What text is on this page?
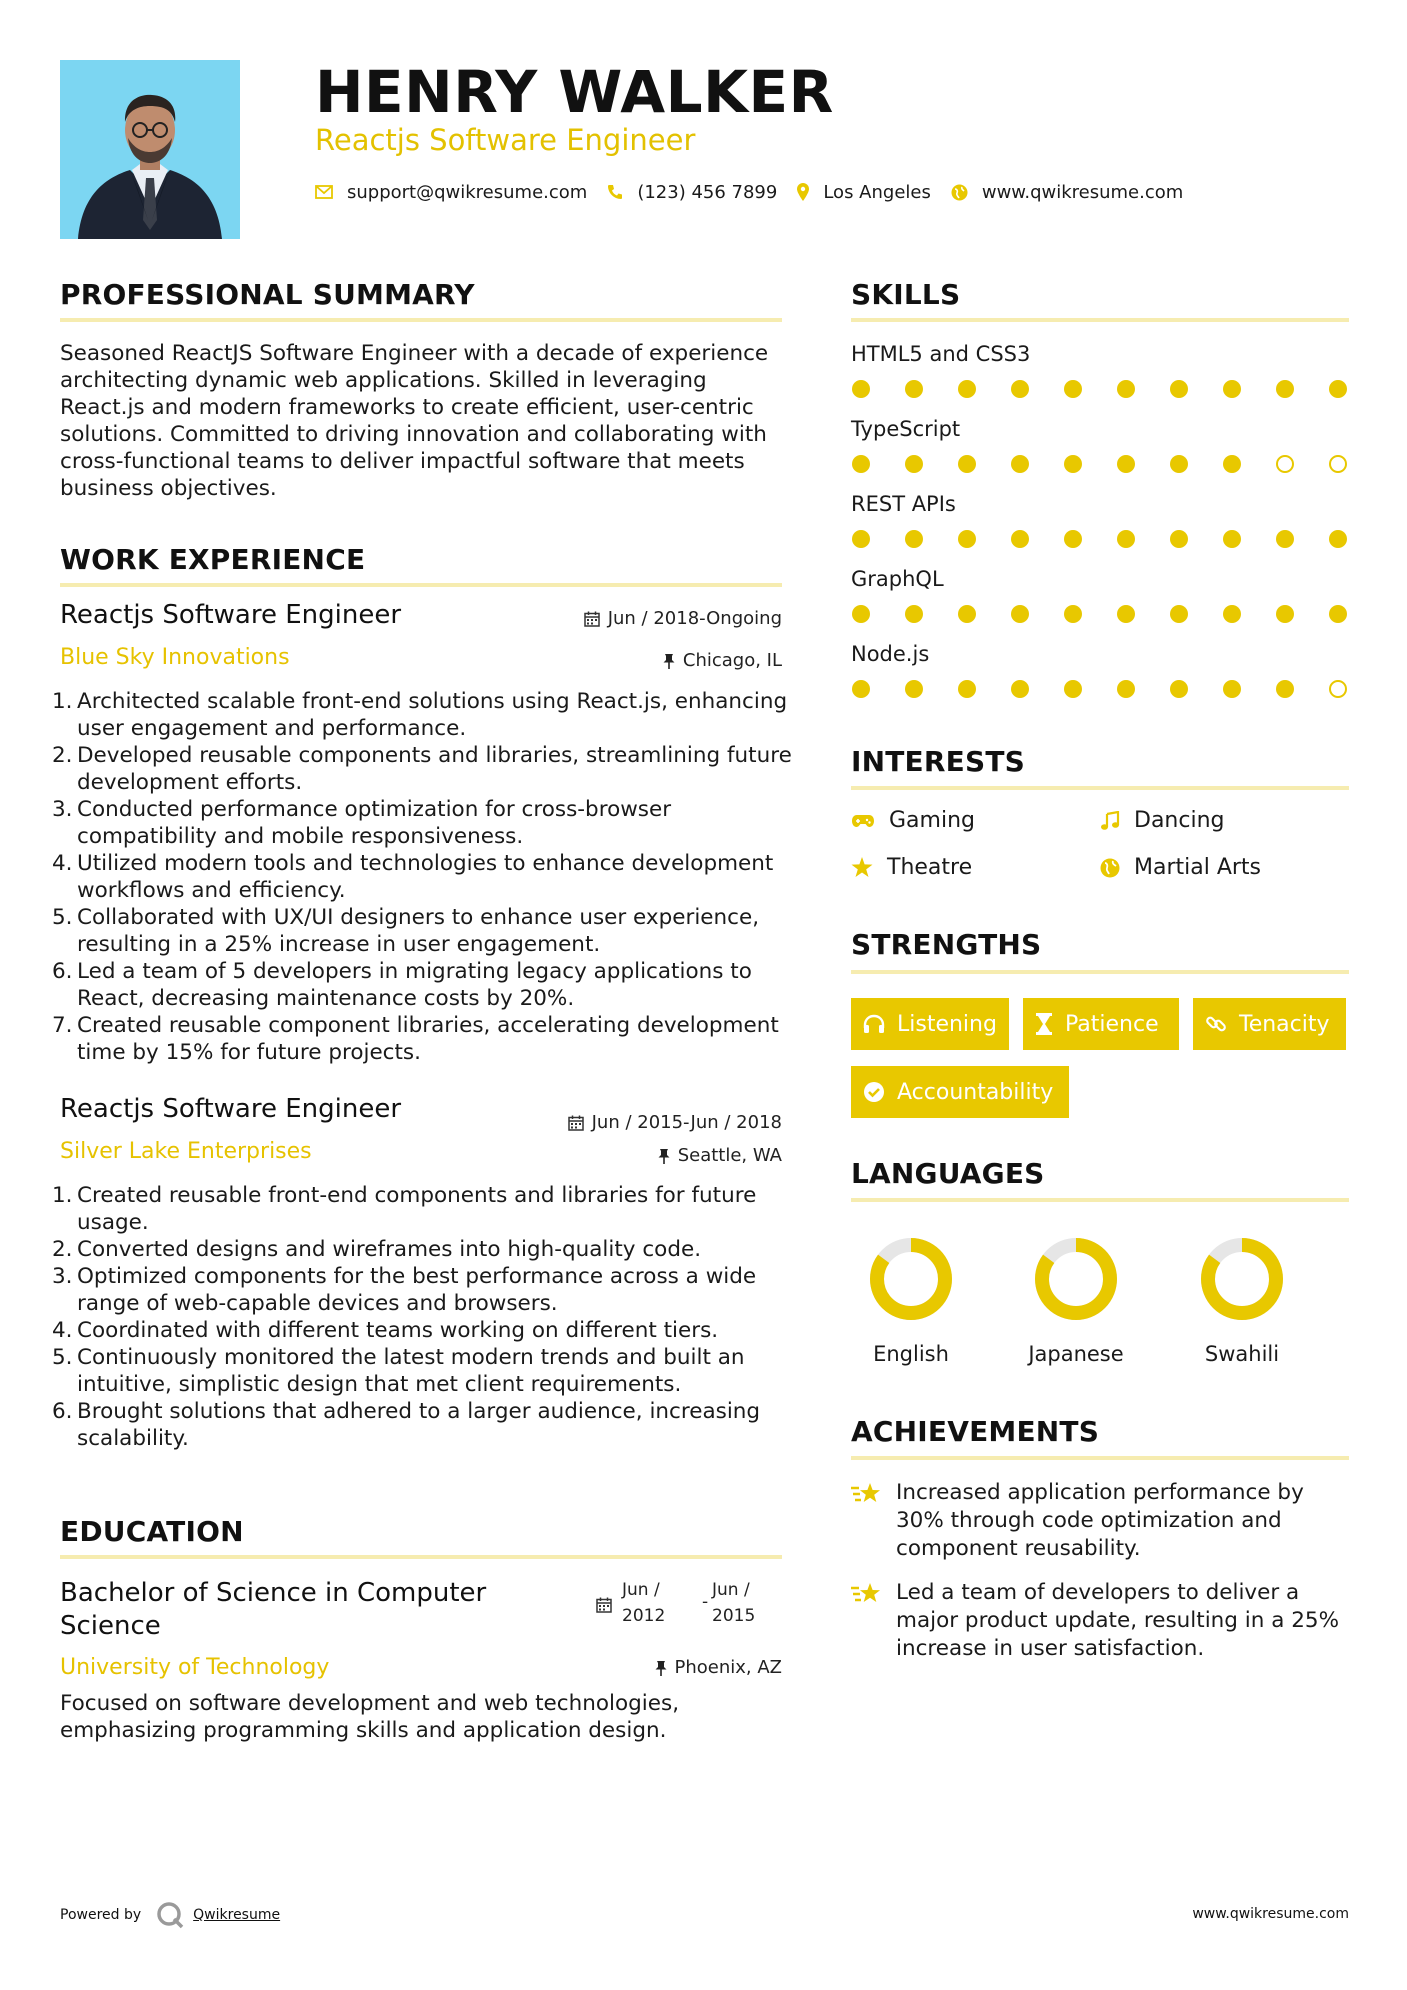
HENRY WALKER
Reactjs Software Engineer
support@qwikresume.com	(123) 456 7899	Los Angeles	www.qwikresume.com
PROFESSIONAL SUMMARY
Seasoned ReactJS Software Engineer with a decade of experience architecting dynamic web applications. Skilled in leveraging React.js and modern frameworks to create efficient, user-centric solutions. Committed to driving innovation and collaborating with cross-functional teams to deliver impactful software that meets business objectives.
WORK EXPERIENCE
Reactjs Software Engineer	Jun / 2018-Ongoing
Blue Sky Innovations	Chicago, IL
1. Architected scalable front-end solutions using React.js, enhancing user engagement and performance.
2. Developed reusable components and libraries, streamlining future development efforts.
3. Conducted performance optimization for cross-browser compatibility and mobile responsiveness.
4. Utilized modern tools and technologies to enhance development workflows and efficiency.
5. Collaborated with UX/UI designers to enhance user experience, resulting in a 25% increase in user engagement.
6. Led a team of 5 developers in migrating legacy applications to React, decreasing maintenance costs by 20%.
7. Created reusable component libraries, accelerating development time by 15% for future projects.
Reactjs Software Engineer	Jun / 2015-Jun / 2018
Silver Lake Enterprises	Seattle, WA
1. Created reusable front-end components and libraries for future usage.
2. Converted designs and wireframes into high-quality code.
3. Optimized components for the best performance across a wide range of web-capable devices and browsers.
4. Coordinated with different teams working on different tiers.
5. Continuously monitored the latest modern trends and built an intuitive, simplistic design that met client requirements.
6. Brought solutions that adhered to a larger audience, increasing scalability.
EDUCATION
Bachelor of Science in Computer
Science
Jun /
2012
-
Jun /
2015
University of Technology	Phoenix, AZ
Focused on software development and web technologies, emphasizing programming skills and application design.
SKILLS
HTML5 and CSS3
TypeScript
REST APIs
GraphQL
Node.js
INTERESTS
Gaming	Dancing
Theatre	Martial Arts
STRENGTHS
Listening	Patience	Tenacity
Accountability
LANGUAGES
English	Japanese	Swahili
ACHIEVEMENTS
Increased application performance by 30% through code optimization and component reusability.
Led a team of developers to deliver a major product update, resulting in a 25% increase in user satisfaction.
Powered by	Qwikresume	www.qwikresume.com
